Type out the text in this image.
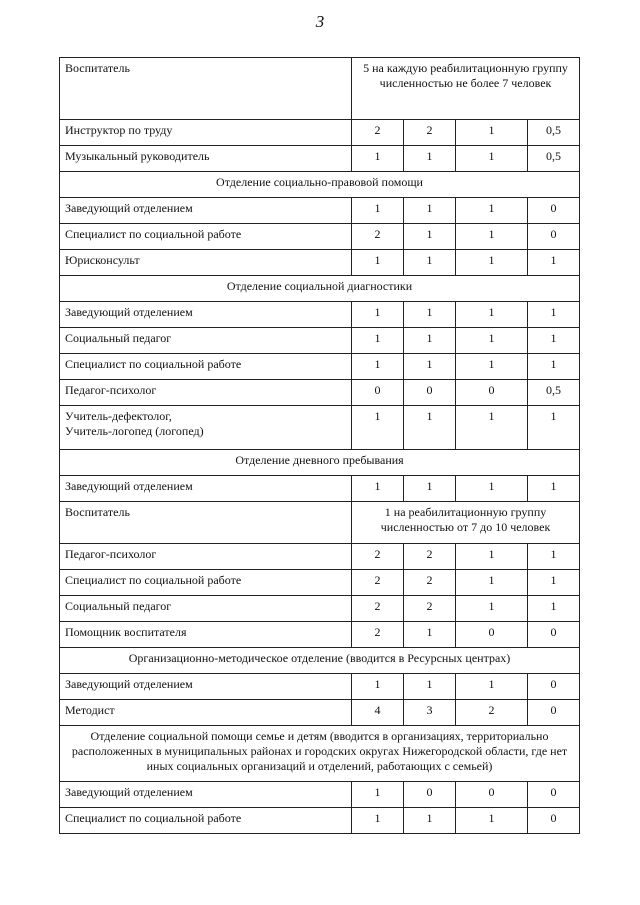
3
Воспитатель	5 на каждую реабилитационную группу численностью не более 7 человек			
Инструктор по труду	2	2	1	0,5
Музыкальный руководитель	1	1	1	0,5
Отделение социально-правовой помощи				
Заведующий отделением	1	1	1	0
Специалист по социальной работе	2	1	1	0
Юрисконсульт	1	1	1	1
Отделение социальной диагностики				
Заведующий отделением	1	1	1	1
Социальный педагог	1	1	1	1
Специалист по социальной работе	1	1	1	1
Педагог-психолог	0	0	0	0,5

Учитель-дефектолог,
Учитель-логопед (логопед)	1	1	1	1
Отделение дневного пребывания				
Заведующий отделением	1	1	1	1
Воспитатель	1 на реабилитационную группу численностью от 7 до 10 человек			
Педагог-психолог	2	2	1	1
Специалист по социальной работе	2	2	1	1
Социальный педагог	2	2	1	1
Помощник воспитателя	2	1	0	0
Организационно-методическое отделение (вводится в Ресурсных центрах)				
Заведующий отделением	1	1	1	0
Методист	4	3	2	0
Отделение социальной помощи семье и детям (вводится в организациях, территориально расположенных в муниципальных районах и городских округах Нижегородской области, где нет иных социальных организаций и отделений, работающих с семьей)				
Заведующий отделением	1	0	0	0
Специалист по социальной работе	1	1	1	0
